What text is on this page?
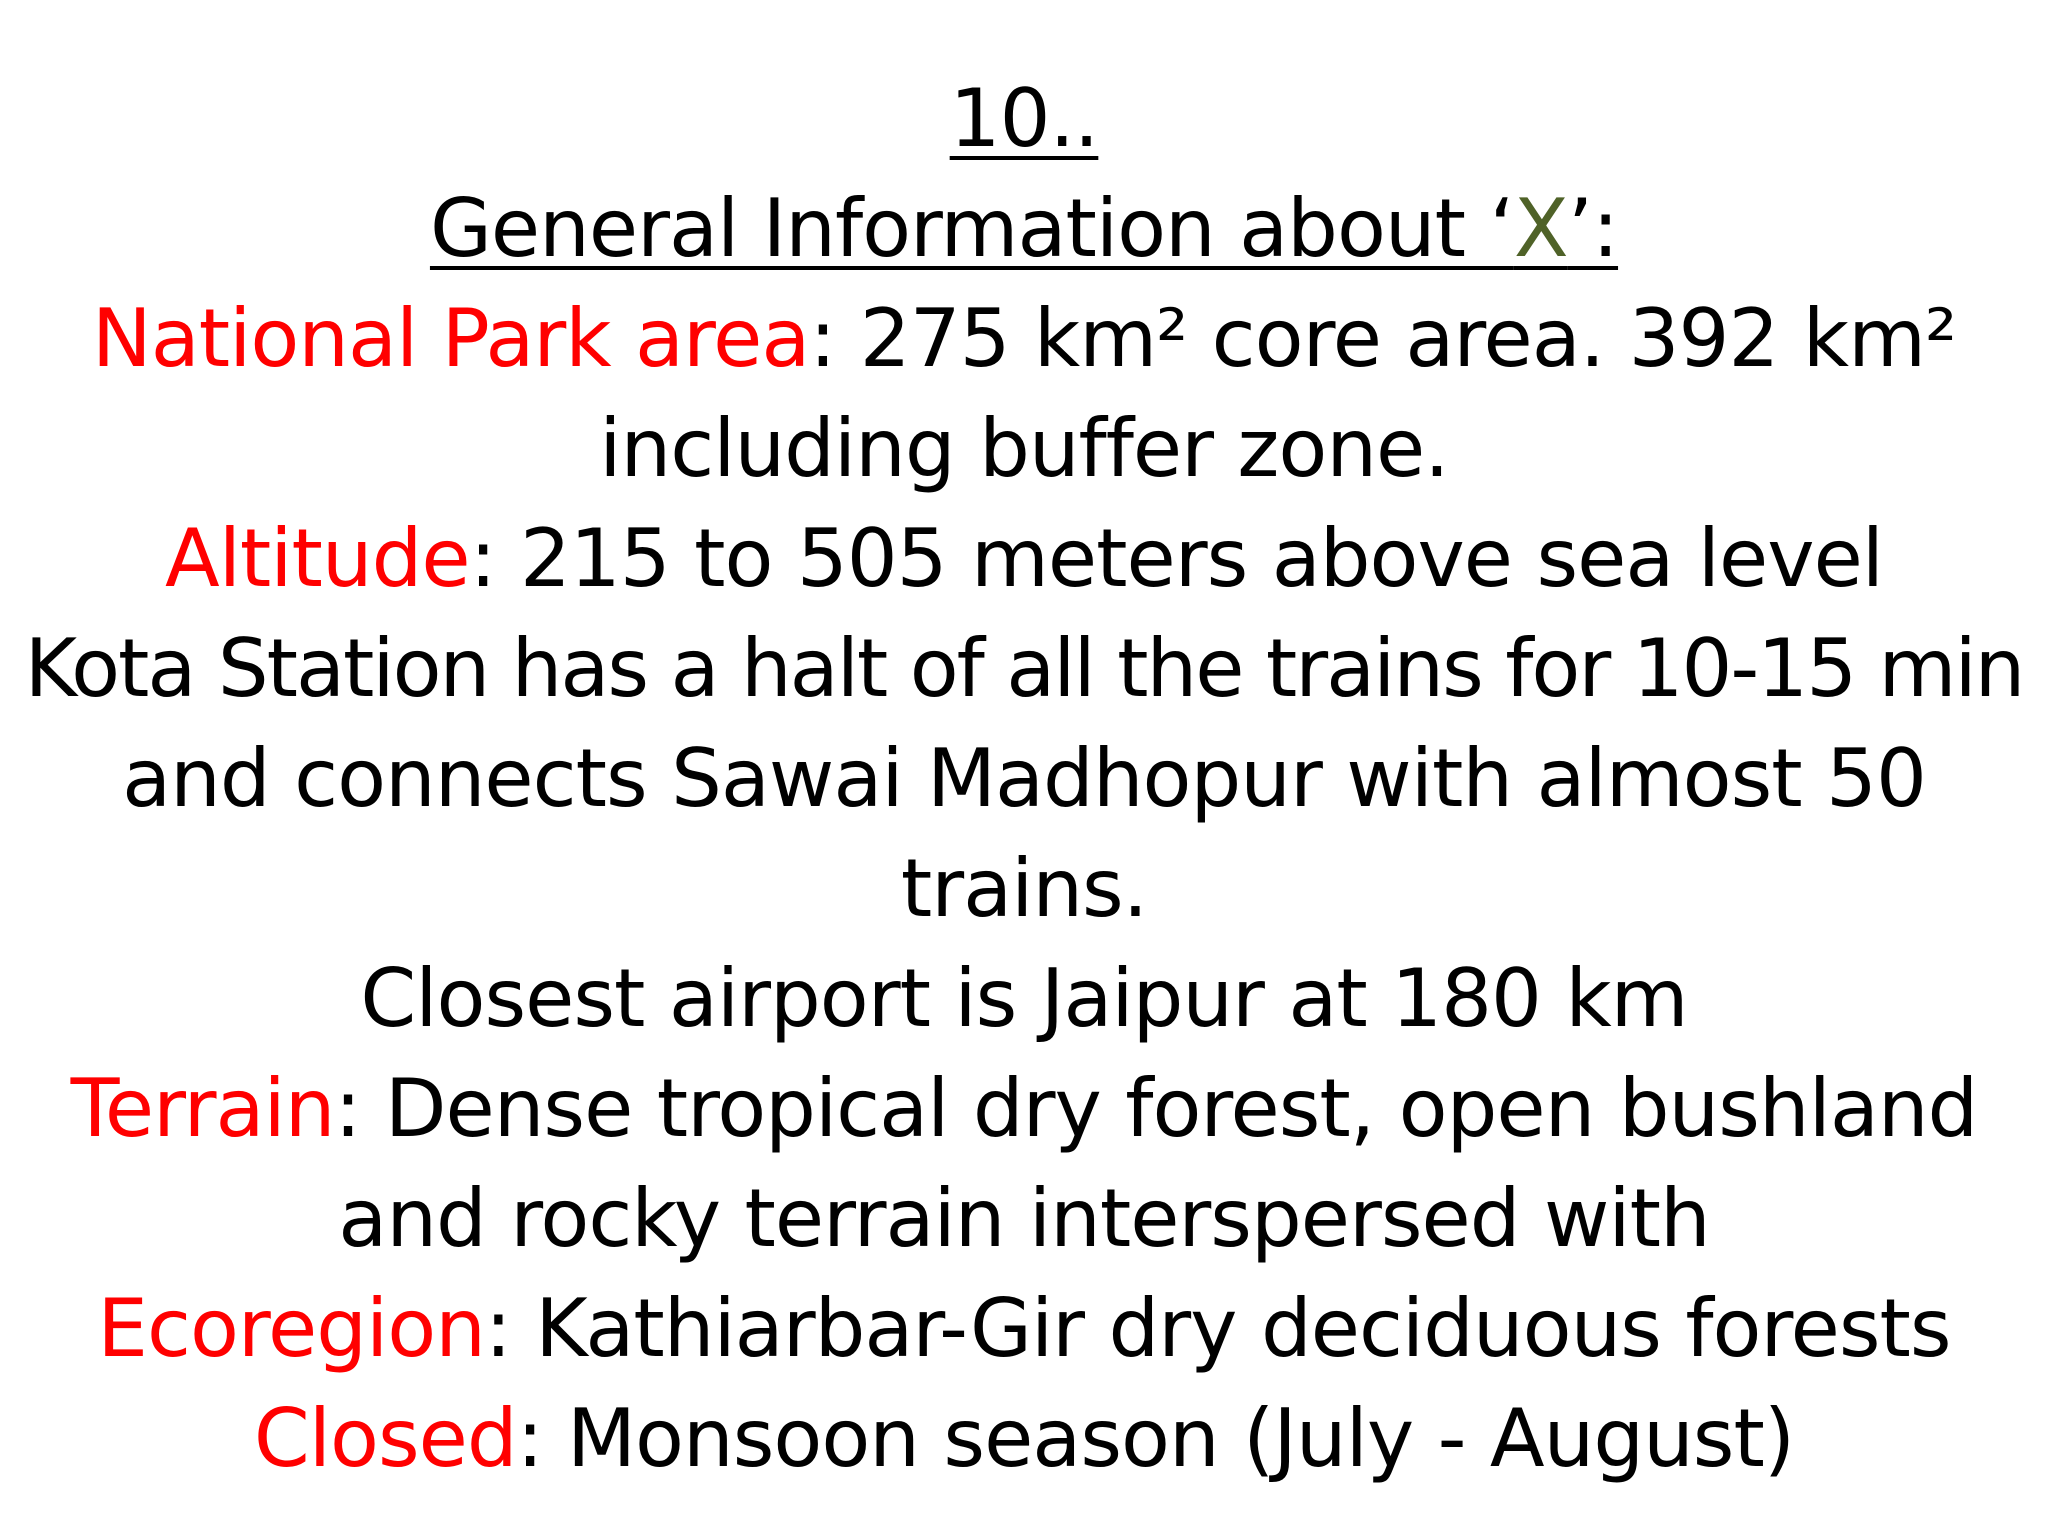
10..
General Information about ‘X’:
National Park area: 275 km² core area. 392 km²
including buffer zone.
Altitude: 215 to 505 meters above sea level
Kota Station has a halt of all the trains for 10-15 min
and connects Sawai Madhopur with almost 50
trains.
Closest airport is Jaipur at 180 km
Terrain: Dense tropical dry forest, open bushland
and rocky terrain interspersed with
Ecoregion: Kathiarbar-Gir dry deciduous forests
Closed: Monsoon season (July - August)
